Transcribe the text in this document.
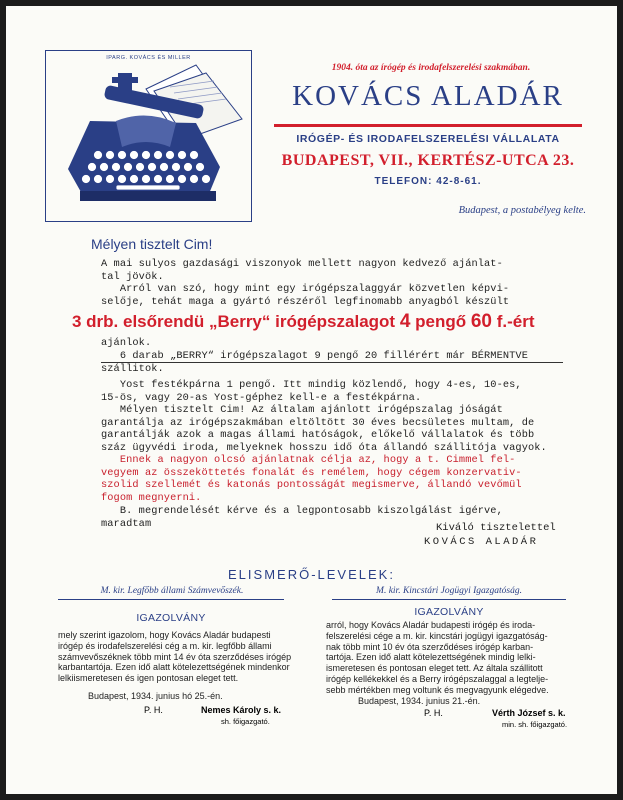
IPARG. KOVÁCS ÉS MILLER
1904. óta az írógép és irodafelszerelési szakmában.
KOVÁCS ALADÁR
IRÓGÉP- ÉS IRODAFELSZERELÉSI VÁLLALATA
BUDAPEST, VII., KERTÉSZ-UTCA 23.
TELEFON: 42-8-61.
Budapest, a postabélyeg kelte.
Mélyen tisztelt Cim!
A mai sulyos gazdasági viszonyok mellett nagyon kedvező ajánlat-
tal jövök.
Arról van szó, hogy mint egy irógépszalaggyár közvetlen képvi-
selője, tehát maga a gyártó részéről legfinomabb anyagból készült
3 drb. elsőrendü „Berry“ irógépszalagot 4 pengő 60 f.-ért
ajánlok.
6 darab „BERRY“ irógépszalagot 9 pengő 20 fillérért már BÉRMENTVE
szállitok.
Yost festékpárna 1 pengő. Itt mindig közlendő, hogy 4-es, 10-es,
15-ös, vagy 20-as Yost-géphez kell-e a festékpárna.
Mélyen tisztelt Cim! Az általam ajánlott irógépszalag jóságát
garantálja az irógépszakmában eltöltött 30 éves becsületes multam, de
garantálják azok a magas állami hatóságok, előkelő vállalatok és több
száz ügyvédi iroda, melyeknek hosszu idő óta állandó szállitója vagyok.
Ennek a nagyon olcsó ajánlatnak célja az, hogy a t. Cimmel fel-
vegyem az összeköttetés fonalát és remélem, hogy cégem konzervativ-
szolid szellemét és katonás pontosságát megismerve, állandó vevőmül
fogom megnyerni.
B. megrendelését kérve és a legpontosabb kiszolgálást igérve,
maradtam	Kiváló tisztelettel
KOVÁCS ALADÁR
ELISMERŐ-LEVELEK:
M. kir. Legfőbb állami Számvevőszék.
IGAZOLVÁNY
mely szerint igazolom, hogy Kovács Aladár budapesti
irógép és irodafelszerelési cég a m. kir. legfőbb állami
számvevőszéknek több mint 14 év óta szerződéses irógép
karbantartója. Ezen idő alatt kötelezettségének mindenkor
lelkiismeretesen és igen pontosan eleget tett.
Budapest, 1934. junius hó 25.-én.
P. H.	Nemes Károly s. k.
sh. főigazgató.
M. kir. Kincstári Jogügyi Igazgatóság.
IGAZOLVÁNY
arról, hogy Kovács Aladár budapesti irógép és iroda-
felszerelési cége a m. kir. kincstári jogügyi igazgatóság-
nak több mint 10 év óta szerződéses irógép karban-
tartója. Ezen idő alatt kötelezettségének mindig lelki-
ismeretesen és pontosan eleget tett. Az általa szállitott
irógép kellékekkel és a Berry irógépszalaggal a legtelje-
sebb mértékben meg voltunk és megvagyunk elégedve.
Budapest, 1934. junius 21.-én.
P. H.	Vérth József s. k.
min. sh. főigazgató.
